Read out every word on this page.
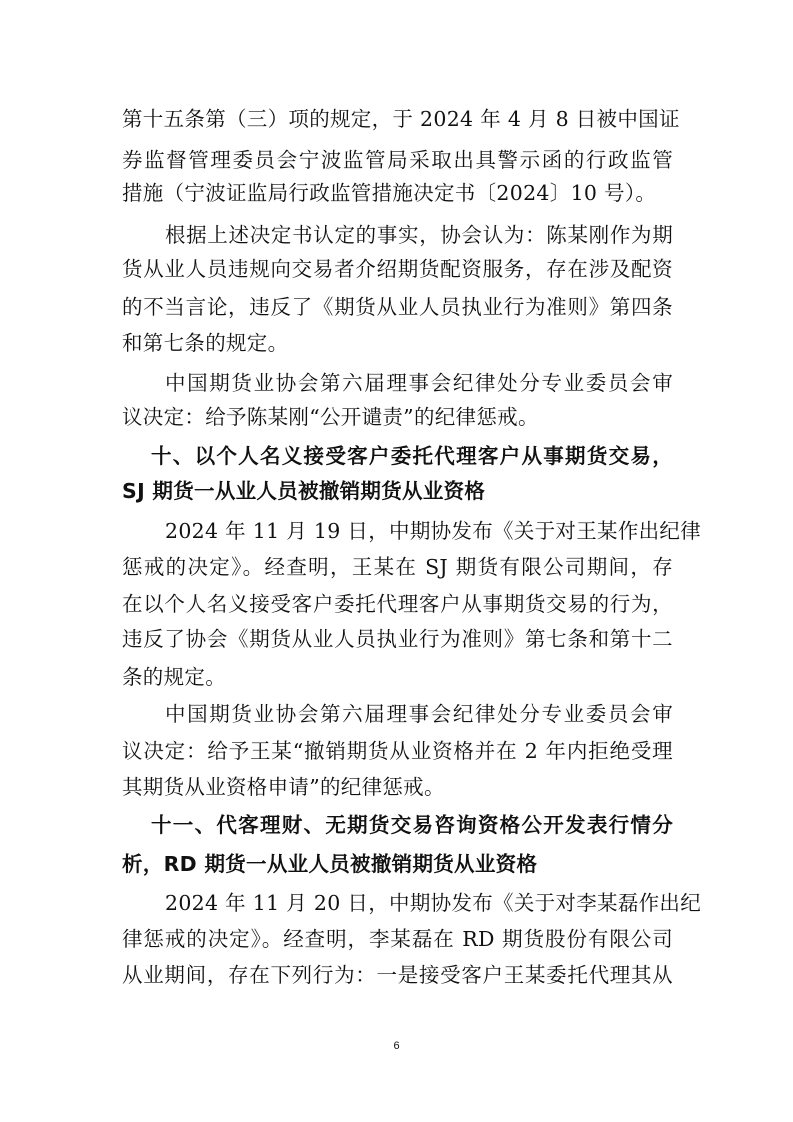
第十五条第（三）项的规定，于 2024 年 4 月 8 日被中国证
券监督管理委员会宁波监管局采取出具警示函的行政监管
措施（宁波证监局行政监管措施决定书〔2024〕10 号）。
根据上述决定书认定的事实，协会认为：陈某刚作为期
货从业人员违规向交易者介绍期货配资服务，存在涉及配资
的不当言论，违反了《期货从业人员执业行为准则》第四条
和第七条的规定。
中国期货业协会第六届理事会纪律处分专业委员会审
议决定：给予陈某刚“公开谴责”的纪律惩戒。
十、以个人名义接受客户委托代理客户从事期货交易，
SJ 期货一从业人员被撤销期货从业资格
2024 年 11 月 19 日，中期协发布《关于对王某作出纪律
惩戒的决定》。经查明，王某在 SJ 期货有限公司期间，存
在以个人名义接受客户委托代理客户从事期货交易的行为，
违反了协会《期货从业人员执业行为准则》第七条和第十二
条的规定。
中国期货业协会第六届理事会纪律处分专业委员会审
议决定：给予王某“撤销期货从业资格并在 2 年内拒绝受理
其期货从业资格申请”的纪律惩戒。
十一、代客理财、无期货交易咨询资格公开发表行情分
析，RD 期货一从业人员被撤销期货从业资格
2024 年 11 月 20 日，中期协发布《关于对李某磊作出纪
律惩戒的决定》。经查明，李某磊在 RD 期货股份有限公司
从业期间，存在下列行为：一是接受客户王某委托代理其从
6
